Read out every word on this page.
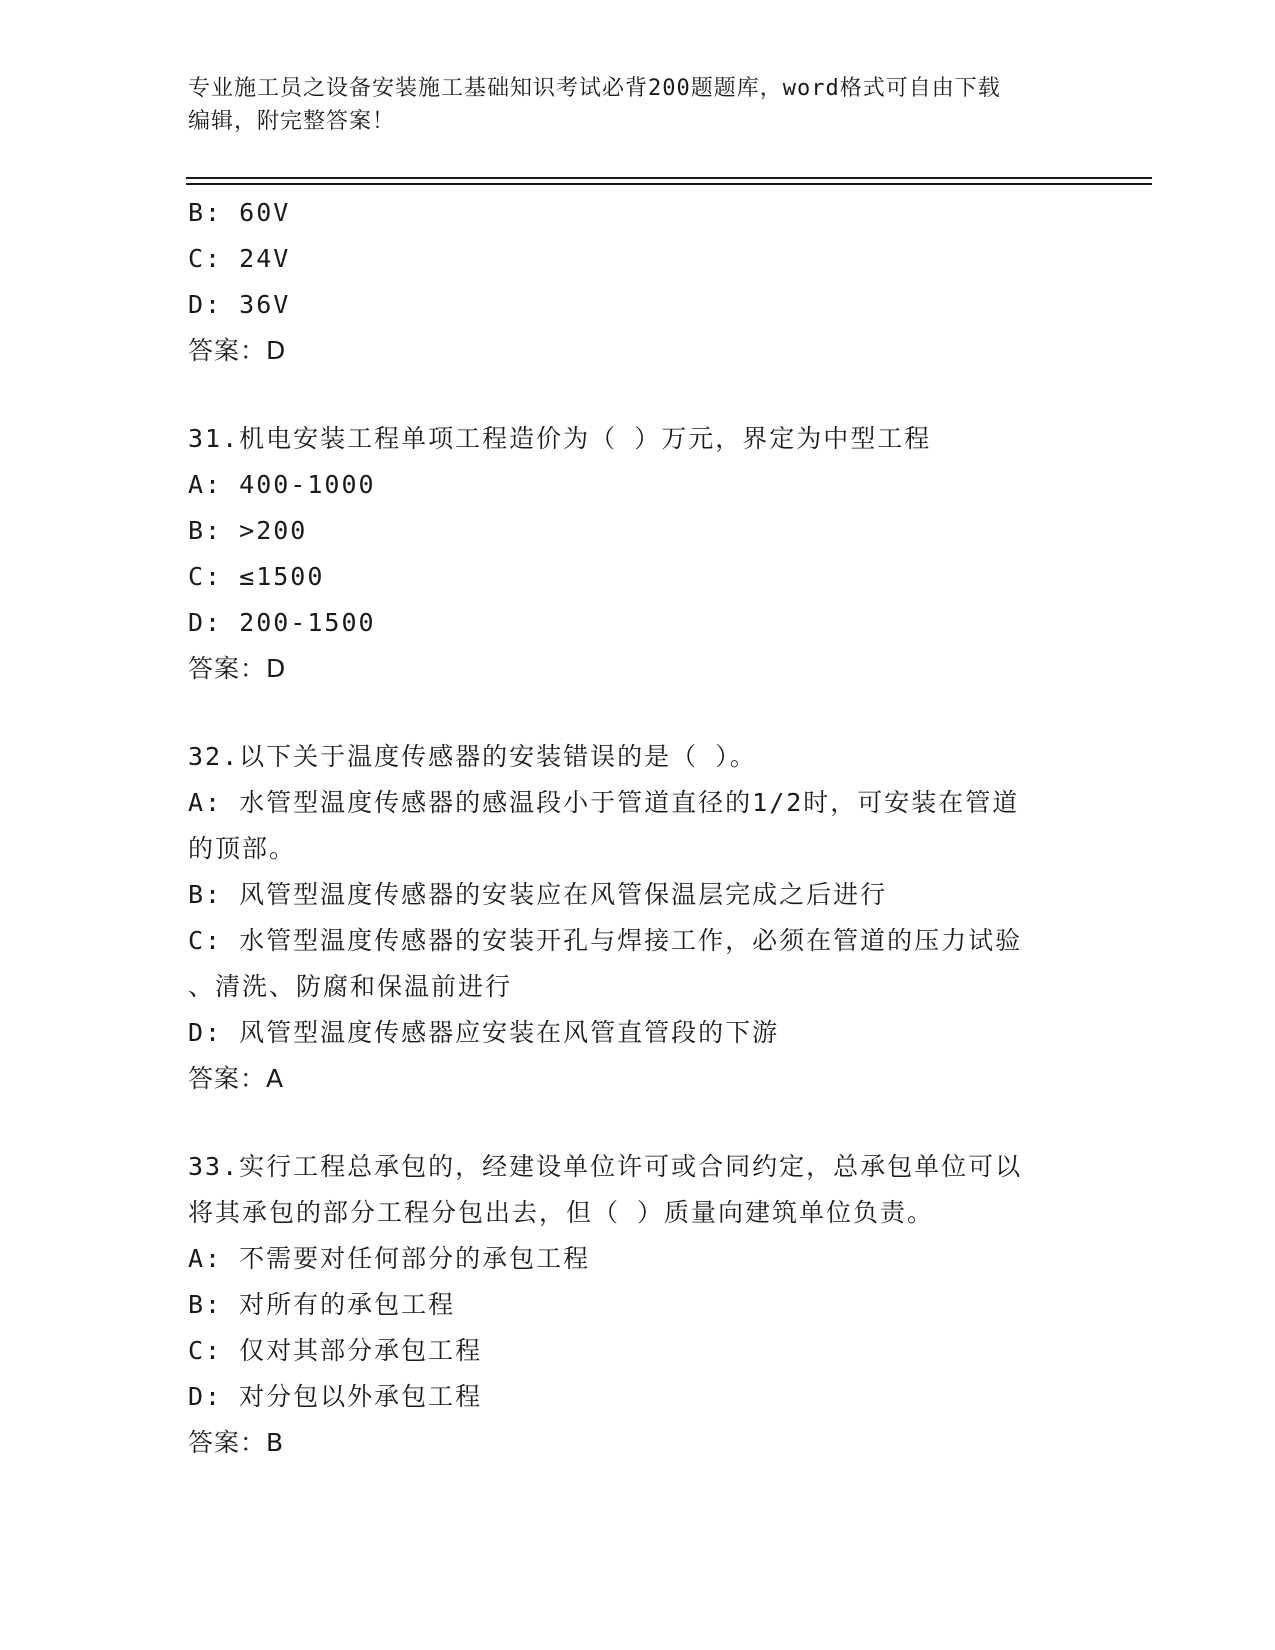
专业施工员之设备安装施工基础知识考试必背200题题库，word格式可自由下载
编辑，附完整答案！
B: 60V
C: 24V
D: 36V
答案：D
31.机电安装工程单项工程造价为（ ）万元，界定为中型工程
A: 400-1000
B: >200
C: ≤1500
D: 200-1500
答案：D
32.以下关于温度传感器的安装错误的是（ ）。
A: 水管型温度传感器的感温段小于管道直径的1/2时，可安装在管道
的顶部。
B: 风管型温度传感器的安装应在风管保温层完成之后进行
C: 水管型温度传感器的安装开孔与焊接工作，必须在管道的压力试验
、清洗、防腐和保温前进行
D: 风管型温度传感器应安装在风管直管段的下游
答案：A
33.实行工程总承包的，经建设单位许可或合同约定，总承包单位可以
将其承包的部分工程分包出去，但（ ）质量向建筑单位负责。
A: 不需要对任何部分的承包工程
B: 对所有的承包工程
C: 仅对其部分承包工程
D: 对分包以外承包工程
答案：B
